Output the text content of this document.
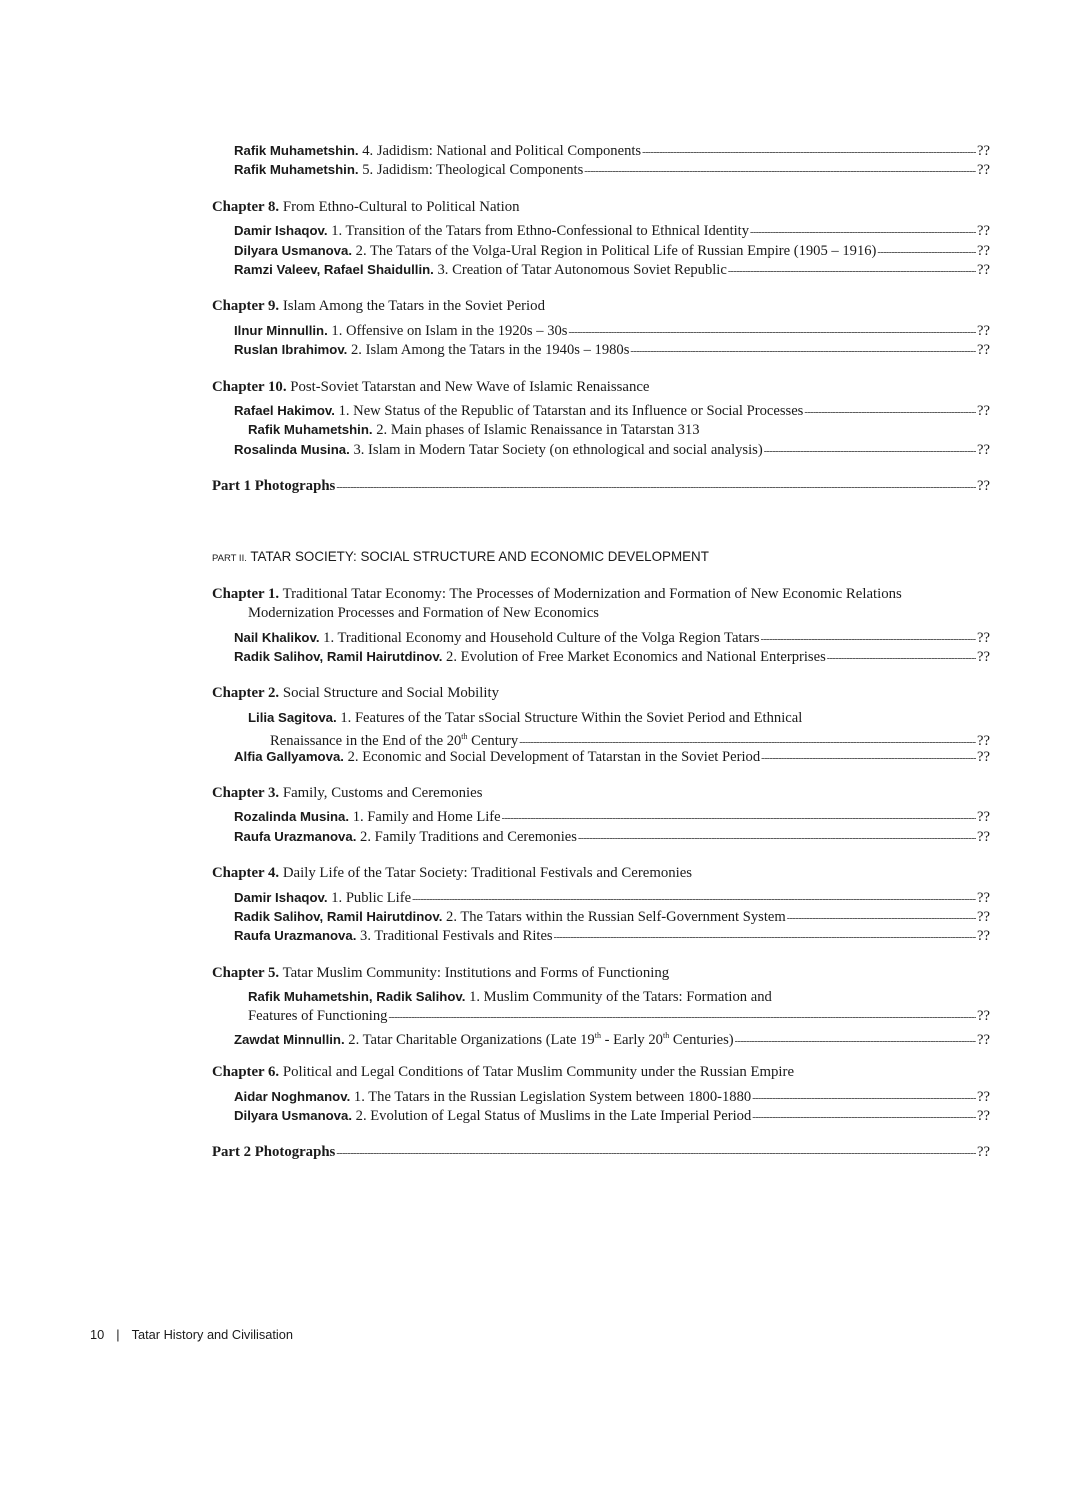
Rafik Muhametshin. 4. Jadidism: National and Political Components -----	??
Rafik Muhametshin. 5. Jadidism: Theological Components -----	??
Chapter 8. From Ethno-Cultural to Political Nation
Damir Ishaqov. 1. Transition of the Tatars from Ethno-Confessional to Ethnical Identity -----	??
Dilyara Usmanova. 2. The Tatars of the Volga-Ural Region in Political Life of Russian Empire (1905 – 1916) -----	??
Ramzi Valeev, Rafael Shaidullin. 3. Creation of Tatar Autonomous Soviet Republic -----	??
Chapter 9. Islam Among the Tatars in the Soviet Period
Ilnur Minnullin. 1. Offensive on Islam in the 1920s – 30s -----	??
Ruslan Ibrahimov. 2. Islam Among the Tatars in the 1940s – 1980s -----	??
Chapter 10. Post-Soviet Tatarstan and New Wave of Islamic Renaissance
Rafael Hakimov. 1. New Status of the Republic of Tatarstan and its Influence or Social Processes -----	??
Rafik Muhametshin. 2. Main phases of Islamic Renaissance in Tatarstan 313
Rosalinda Musina. 3. Islam in Modern Tatar Society (on ethnological and social analysis) -----	??
Part 1 Photographs -----	??
PART II. TATAR SOCIETY: SOCIAL STRUCTURE AND ECONOMIC DEVELOPMENT
Chapter 1. Traditional Tatar Economy: The Processes of Modernization and Formation of New Economic Relations
Modernization Processes and Formation of New Economics
Nail Khalikov. 1. Traditional Economy and Household Culture of the Volga Region Tatars -----	??
Radik Salihov, Ramil Hairutdinov. 2. Evolution of Free Market Economics and National Enterprises -----	??
Chapter 2. Social Structure and Social Mobility
Lilia Sagitova. 1. Features of the Tatar sSocial Structure Within the Soviet Period and Ethnical
Renaissance in the End of the 20th Century -----	??
Alfia Gallyamova. 2. Economic and Social Development of Tatarstan in the Soviet Period -----	??
Chapter 3. Family, Customs and Ceremonies
Rozalinda Musina. 1. Family and Home Life -----	??
Raufa Urazmanova. 2. Family Traditions and Ceremonies -----	??
Chapter 4. Daily Life of the Tatar Society: Traditional Festivals and Ceremonies
Damir Ishaqov. 1. Public Life -----	??
Radik Salihov, Ramil Hairutdinov. 2. The Tatars within the Russian Self-Government System -----	??
Raufa Urazmanova. 3. Traditional Festivals and Rites -----	??
Chapter 5. Tatar Muslim Community: Institutions and Forms of Functioning
Rafik Muhametshin, Radik Salihov. 1. Muslim Community of the Tatars: Formation and
Features of Functioning -----	??
Zawdat Minnullin. 2. Tatar Charitable Organizations (Late 19th - Early 20th Centuries) -----	??
Chapter 6. Political and Legal Conditions of Tatar Muslim Community under the Russian Empire
Aidar Noghmanov. 1. The Tatars in the Russian Legislation System between 1800-1880 -----	??
Dilyara Usmanova. 2. Evolution of Legal Status of Muslims in the Late Imperial Period -----	??
Part 2 Photographs -----	??
10 | Tatar History and Civilisation
